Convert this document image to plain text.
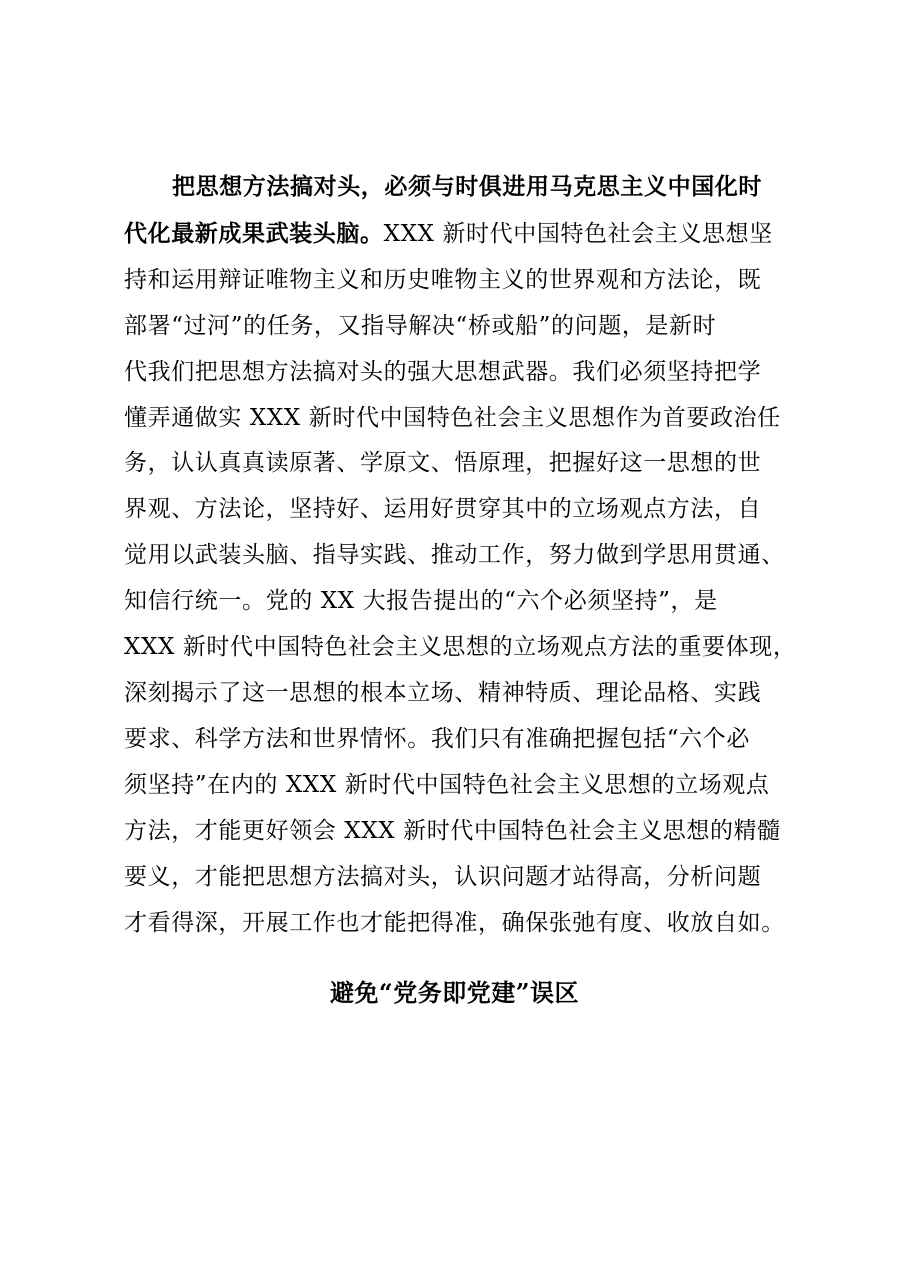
把思想方法搞对头，必须与时俱进用马克思主义中国化时
代化最新成果武装头脑。XXX 新时代中国特色社会主义思想坚
持和运用辩证唯物主义和历史唯物主义的世界观和方法论，既
部署“过河”的任务，又指导解决“桥或船”的问题，是新时
代我们把思想方法搞对头的强大思想武器。我们必须坚持把学
懂弄通做实 XXX 新时代中国特色社会主义思想作为首要政治任
务，认认真真读原著、学原文、悟原理，把握好这一思想的世
界观、方法论，坚持好、运用好贯穿其中的立场观点方法，自
觉用以武装头脑、指导实践、推动工作，努力做到学思用贯通、
知信行统一。党的 XX 大报告提出的“六个必须坚持”，是
XXX 新时代中国特色社会主义思想的立场观点方法的重要体现，
深刻揭示了这一思想的根本立场、精神特质、理论品格、实践
要求、科学方法和世界情怀。我们只有准确把握包括“六个必
须坚持”在内的 XXX 新时代中国特色社会主义思想的立场观点
方法，才能更好领会 XXX 新时代中国特色社会主义思想的精髓
要义，才能把思想方法搞对头，认识问题才站得高，分析问题
才看得深，开展工作也才能把得准，确保张弛有度、收放自如。
避免“党务即党建”误区
